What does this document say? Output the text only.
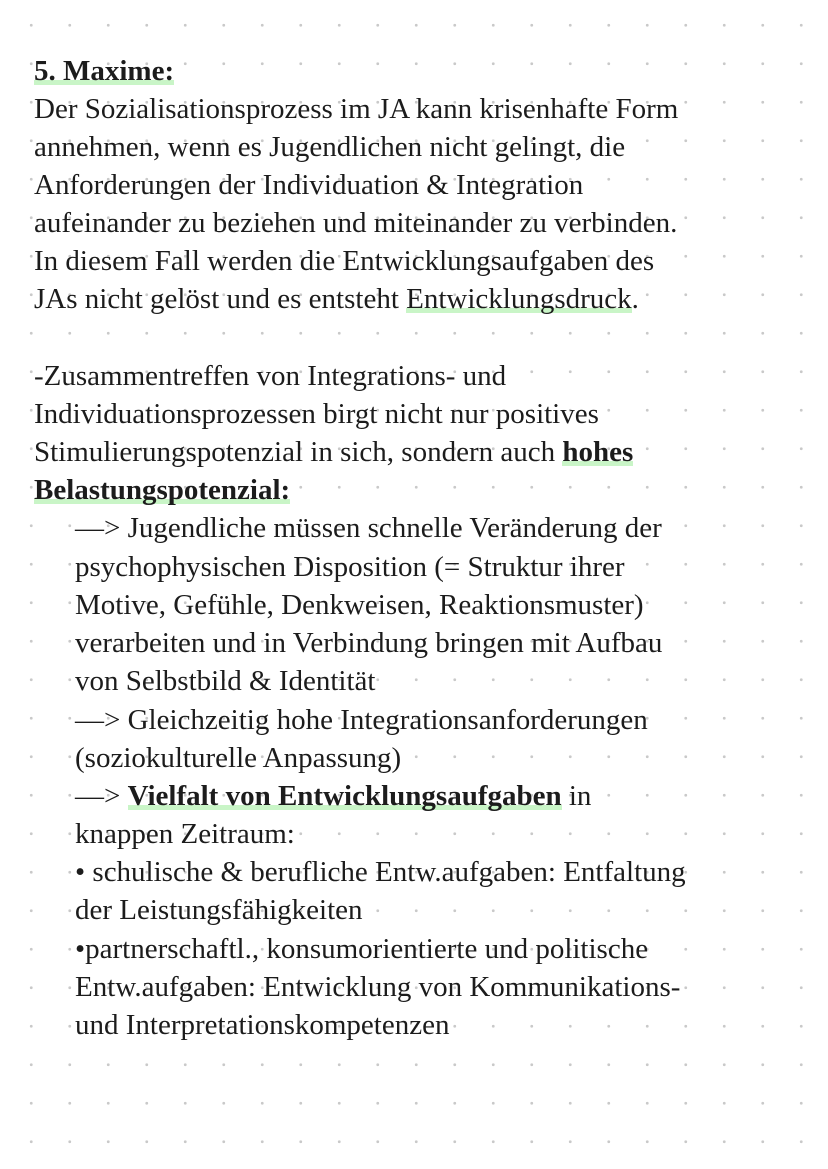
5. Maxime:
Der Sozialisationsprozess im JA kann krisenhafte Form
annehmen, wenn es Jugendlichen nicht gelingt, die
Anforderungen der Individuation & Integration
aufeinander zu beziehen und miteinander zu verbinden.
In diesem Fall werden die Entwicklungsaufgaben des
JAs nicht gelöst und es entsteht Entwicklungsdruck.
-Zusammentreffen von Integrations- und
Individuationsprozessen birgt nicht nur positives
Stimulierungspotenzial in sich, sondern auch hohes
Belastungspotenzial:
—> Jugendliche müssen schnelle Veränderung der
psychophysischen Disposition (= Struktur ihrer
Motive, Gefühle, Denkweisen, Reaktionsmuster)
verarbeiten und in Verbindung bringen mit Aufbau
von Selbstbild & Identität
—> Gleichzeitig hohe Integrationsanforderungen
(soziokulturelle Anpassung)
—> Vielfalt von Entwicklungsaufgaben in
knappen Zeitraum:
• schulische & berufliche Entw.aufgaben: Entfaltung
der Leistungsfähigkeiten
•partnerschaftl., konsumorientierte und politische
Entw.aufgaben: Entwicklung von Kommunikations-
und Interpretationskompetenzen
